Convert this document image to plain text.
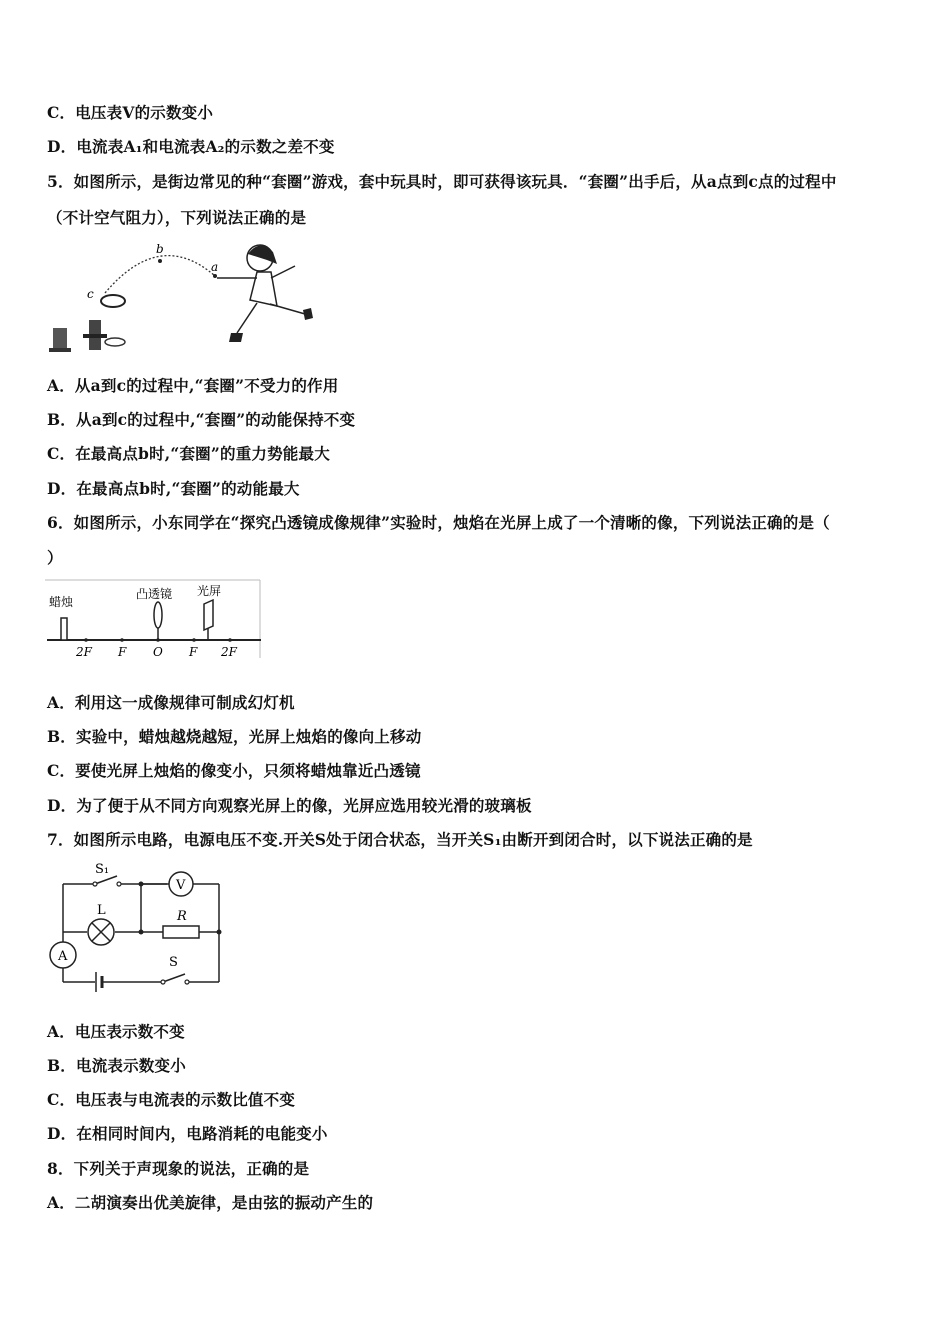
C．电压表V的示数变小
D．电流表A₁和电流表A₂的示数之差不变
5．如图所示，是街边常见的种“套圈”游戏，套中玩具时，即可获得该玩具．“套圈”出手后，从a点到c点的过程中
（不计空气阻力），下列说法正确的是
b
a
c
A．从a到c的过程中,“套圈”不受力的作用
B．从a到c的过程中,“套圈”的动能保持不变
C．在最高点b时,“套圈”的重力势能最大
D．在最高点b时,“套圈”的动能最大
6．如图所示，小东同学在“探究凸透镜成像规律”实验时，烛焰在光屏上成了一个清晰的像，下列说法正确的是（
）
蜡烛
凸透镜 光屏
2F F O F 2F
A．利用这一成像规律可制成幻灯机
B．实验中，蜡烛越烧越短，光屏上烛焰的像向上移动
C．要使光屏上烛焰的像变小，只须将蜡烛靠近凸透镜
D．为了便于从不同方向观察光屏上的像，光屏应选用较光滑的玻璃板
7．如图所示电路，电源电压不变.开关S处于闭合状态，当开关S₁由断开到闭合时，以下说法正确的是
R
L
V
A
S₁
S
A．电压表示数不变
B．电流表示数变小
C．电压表与电流表的示数比值不变
D．在相同时间内，电路消耗的电能变小
8．下列关于声现象的说法，正确的是
A．二胡演奏出优美旋律，是由弦的振动产生的
